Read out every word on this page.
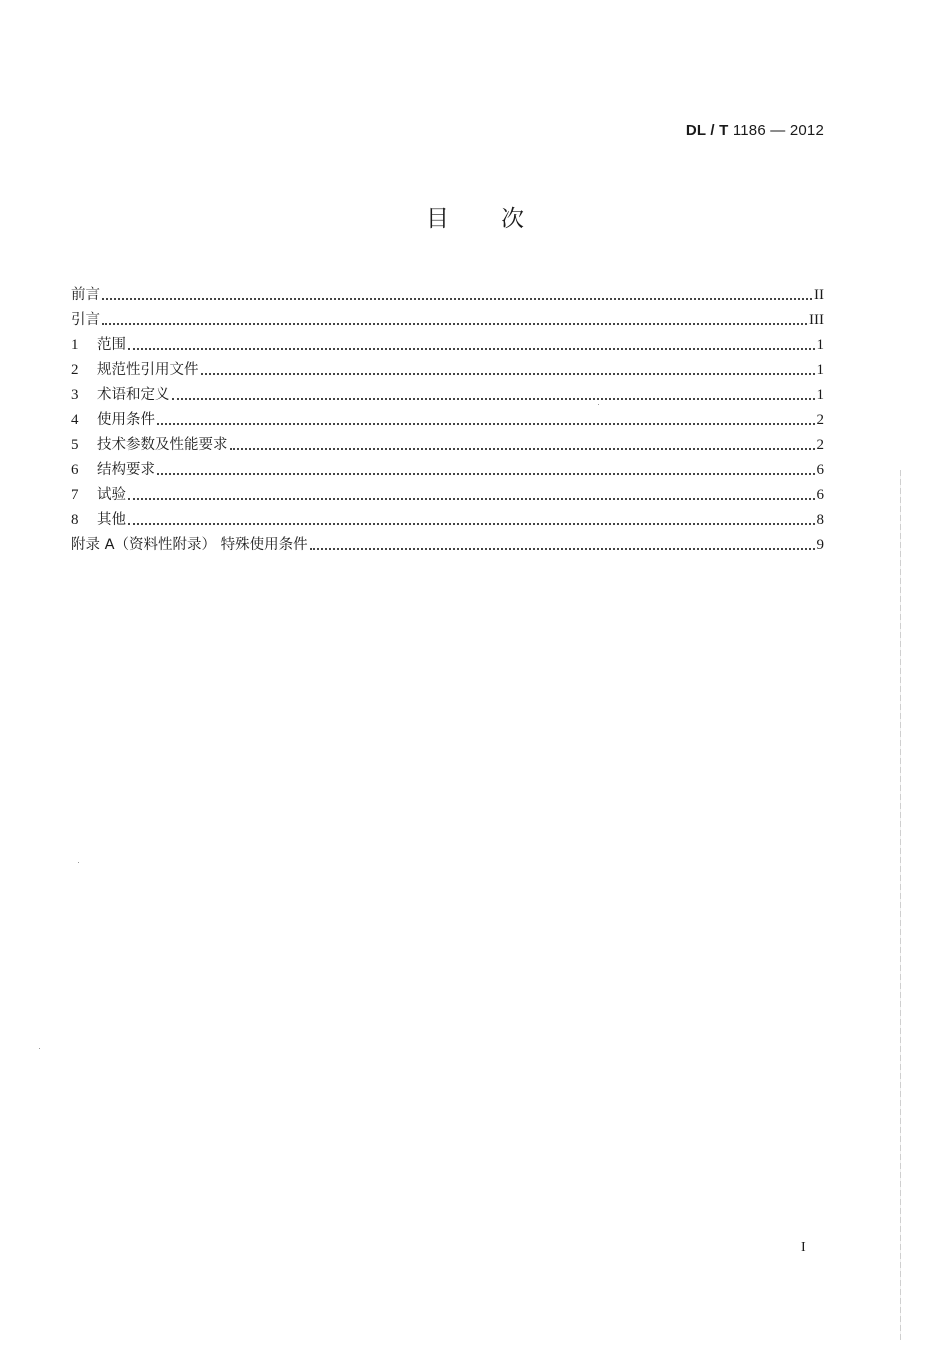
DL / T 1186 — 2012
目次
前言	II
引言	III
1	范围	1
2	规范性引用文件	1
3	术语和定义	1
4	使用条件	2
5	技术参数及性能要求	2
6	结构要求	6
7	试验	6
8	其他	8
附录 A（资料性附录） 特殊使用条件	9
I
